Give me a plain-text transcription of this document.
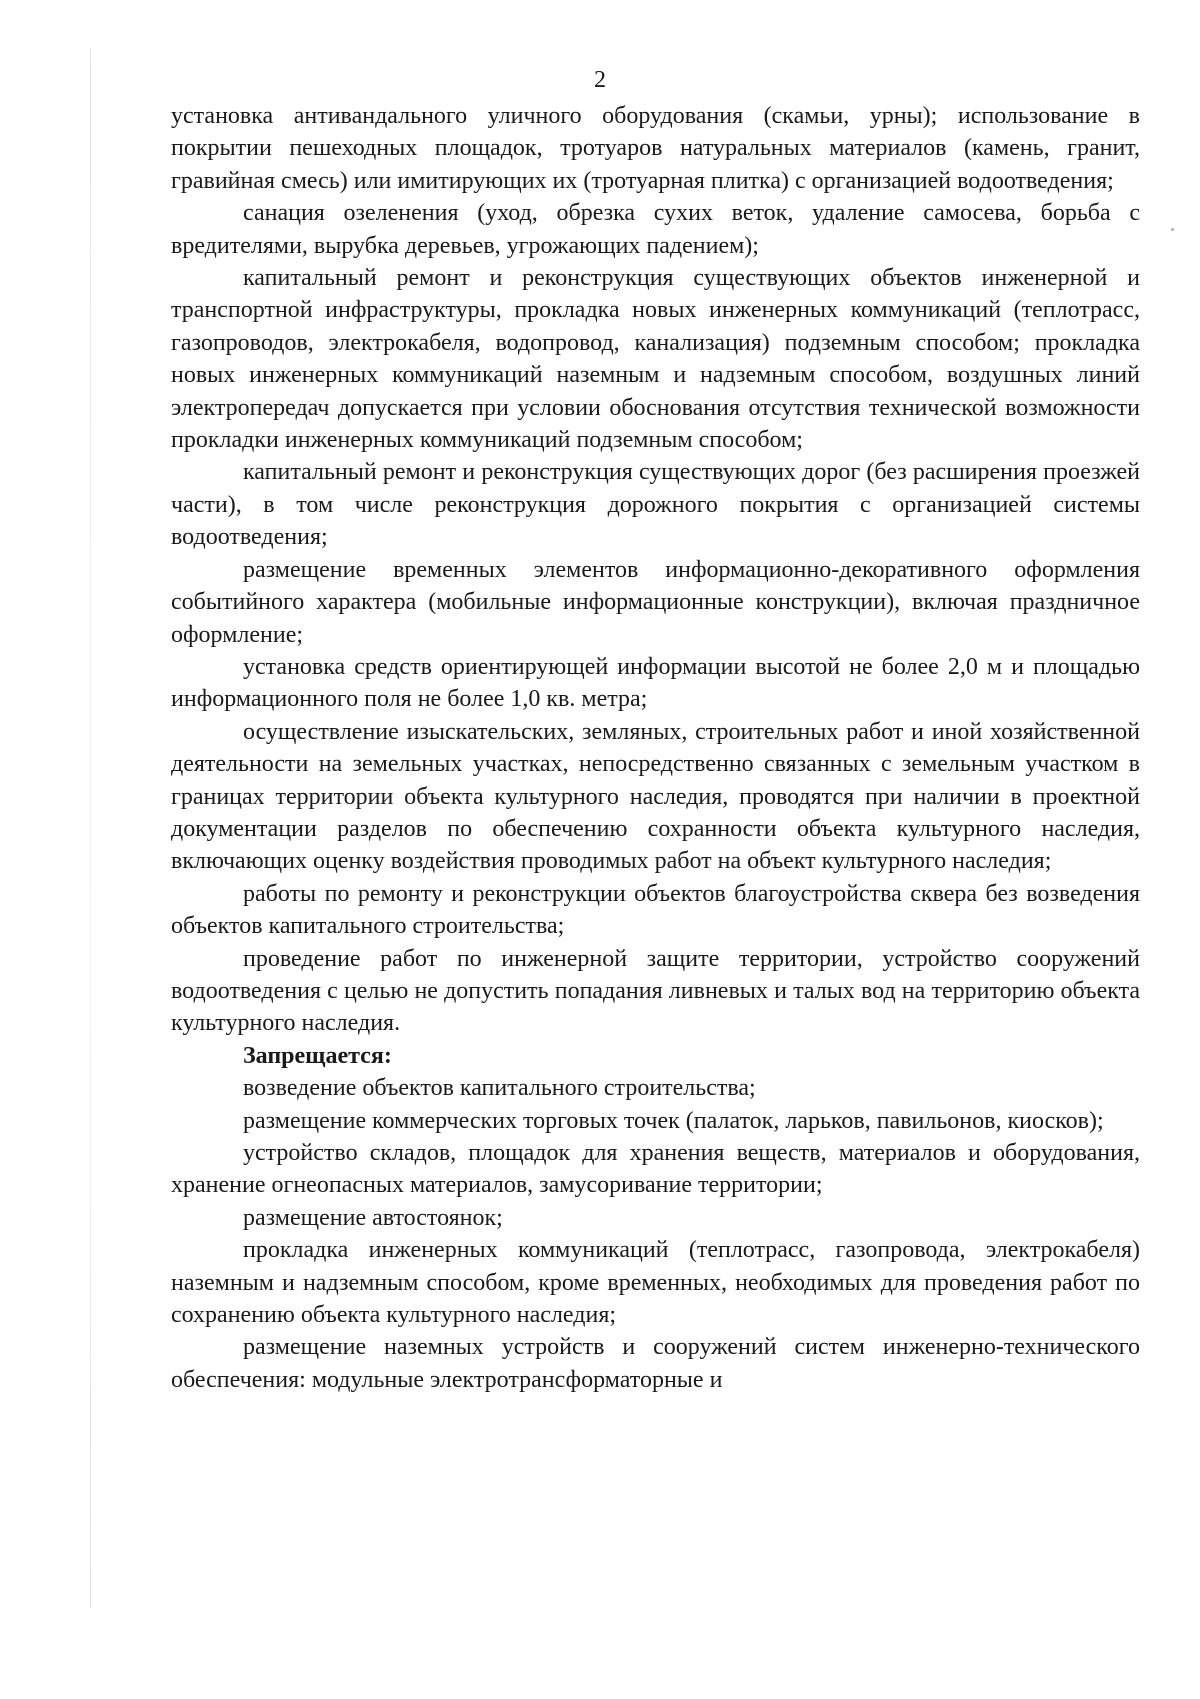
2

установка антивандального уличного оборудования (скамьи, урны); использование в покрытии пешеходных площадок, тротуаров натуральных материалов (камень, гранит, гравийная смесь) или имитирующих их (тротуарная плитка) с организацией водоотведения;

санация озеленения (уход, обрезка сухих веток, удаление самосева, борьба с вредителями, вырубка деревьев, угрожающих падением);

капитальный ремонт и реконструкция существующих объектов инженерной и транспортной инфраструктуры, прокладка новых инженерных коммуникаций (теплотрасс, газопроводов, электрокабеля, водопровод, канализация) подземным способом; прокладка новых инженерных коммуникаций наземным и надземным способом, воздушных линий электропередач допускается при условии обоснования отсутствия технической возможности прокладки инженерных коммуникаций подземным способом;

капитальный ремонт и реконструкция существующих дорог (без расширения проезжей части), в том числе реконструкция дорожного покрытия с организацией системы водоотведения;

размещение временных элементов информационно-декоративного оформления событийного характера (мобильные информационные конструкции), включая праздничное оформление;

установка средств ориентирующей информации высотой не более 2,0 м и площадью информационного поля не более 1,0 кв. метра;

осуществление изыскательских, земляных, строительных работ и иной хозяйственной деятельности на земельных участках, непосредственно связанных с земельным участком в границах территории объекта культурного наследия, проводятся при наличии в проектной документации разделов по обеспечению сохранности объекта культурного наследия, включающих оценку воздействия проводимых работ на объект культурного наследия;

работы по ремонту и реконструкции объектов благоустройства сквера без возведения объектов капитального строительства;

проведение работ по инженерной защите территории, устройство сооружений водоотведения с целью не допустить попадания ливневых и талых вод на территорию объекта культурного наследия.

Запрещается:

возведение объектов капитального строительства;

размещение коммерческих торговых точек (палаток, ларьков, павильонов, киосков);

устройство складов, площадок для хранения веществ, материалов и оборудования, хранение огнеопасных материалов, замусоривание территории;

размещение автостоянок;

прокладка инженерных коммуникаций (теплотрасс, газопровода, электрокабеля) наземным и надземным способом, кроме временных, необходимых для проведения работ по сохранению объекта культурного наследия;

размещение наземных устройств и сооружений систем инженерно-технического обеспечения: модульные электротрансформаторные и
